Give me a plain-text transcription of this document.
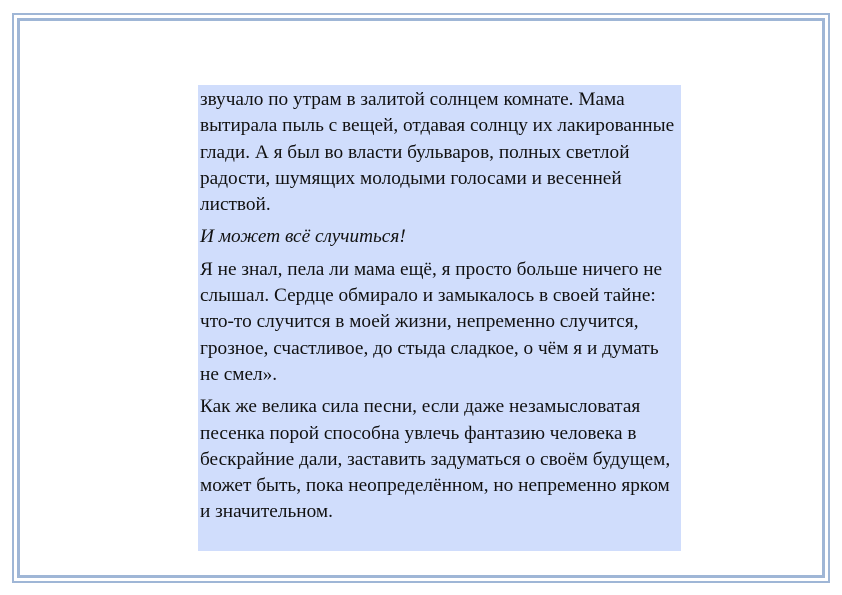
звучало по утрам в залитой солнцем комнате. Мама вытирала пыль с вещей, отдавая солнцу их лакированные глади. А я был во власти бульваров, полных светлой радости, шумящих молодыми голосами и весенней листвой.

И может всё случиться!

Я не знал, пела ли мама ещё, я просто больше ничего не слышал. Сердце обмирало и замыкалось в своей тайне: что-то случится в моей жизни, непременно случится, грозное, счастливое, до стыда сладкое, о чём я и думать не смел».

Как же велика сила песни, если даже незамысловатая песенка порой способна увлечь фантазию человека в бескрайние дали, заставить задуматься о своём будущем, может быть, пока неопределённом, но непременно ярком и значительном.
